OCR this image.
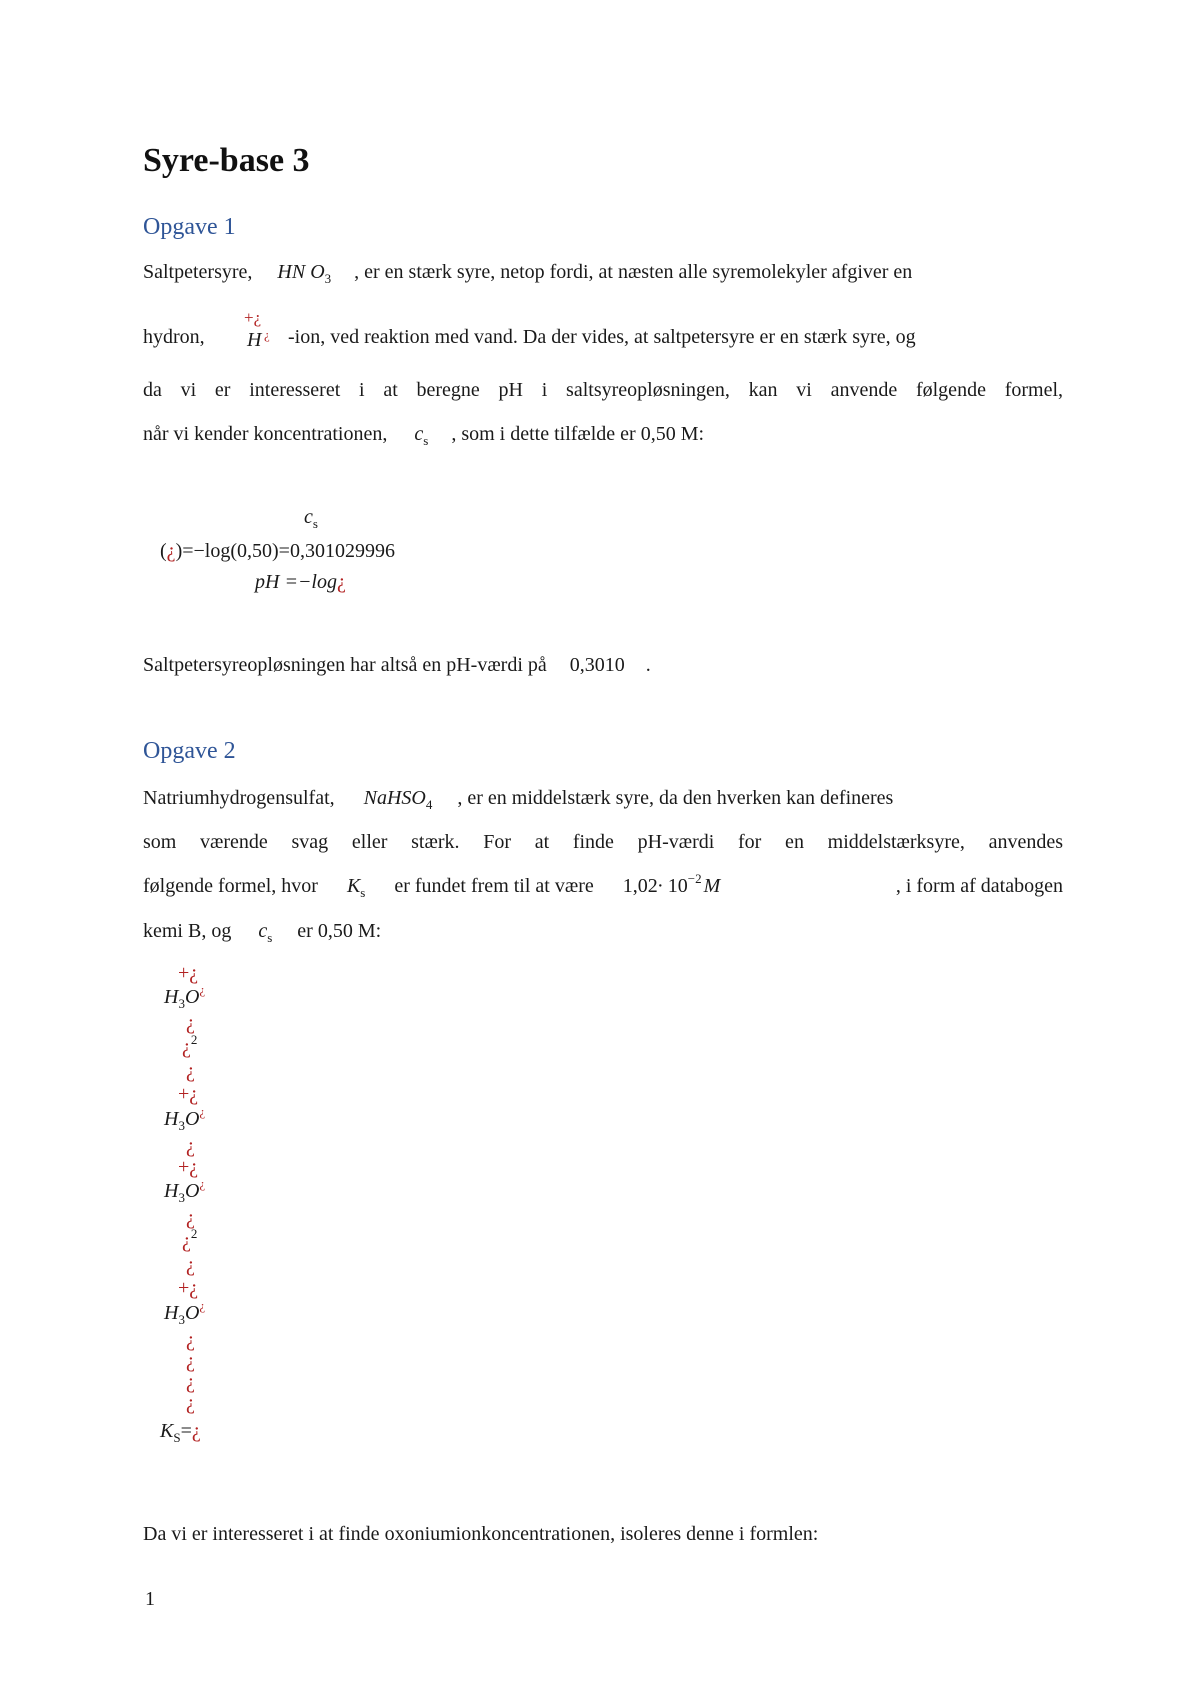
Syre-base 3
Opgave 1
Saltpetersyre, HN $O_3$ , er en stærk syre, netop fordi, at næsten alle syremolekyler afgiver en
hydron,
+¿
H ¿ -ion, ved reaktion med vand. Da der vides, at saltpetersyre er en stærk syre, og
da vi er interesseret i at beregne pH i saltsyreopløsningen, kan vi anvende følgende formel,
når vi kender koncentrationen, $c_s$ , som i dette tilfælde er 0,50 M:
$c_s$
(¿)=−log(0,50)=0,301029996
pH =−log¿
Saltpetersyreopløsningen har altså en pH-værdi på 0,3010 .
Opgave 2
Natriumhydrogensulfat, NaHSO$_4$ , er en middelstærk syre, da den hverken kan defineres
som værende svag eller stærk. For at finde pH-værdi for en middelstærksyre, anvendes
følgende formel, hvor $K_s$ er fundet frem til at være $1,02\cdot 10^{-2}$ M	, i form af databogen
kemi B, og $c_s$ er 0,50 M:
+¿
$H_3O^¿$
¿
¿$^2$
¿
+¿
$H_3O^¿$
¿
+¿
$H_3O^¿$
¿
¿$^2$
¿
+¿
$H_3O^¿$
¿
¿
¿
¿
$K_S=¿$
Da vi er interesseret i at finde oxoniumionkoncentrationen, isoleres denne i formlen:
1
